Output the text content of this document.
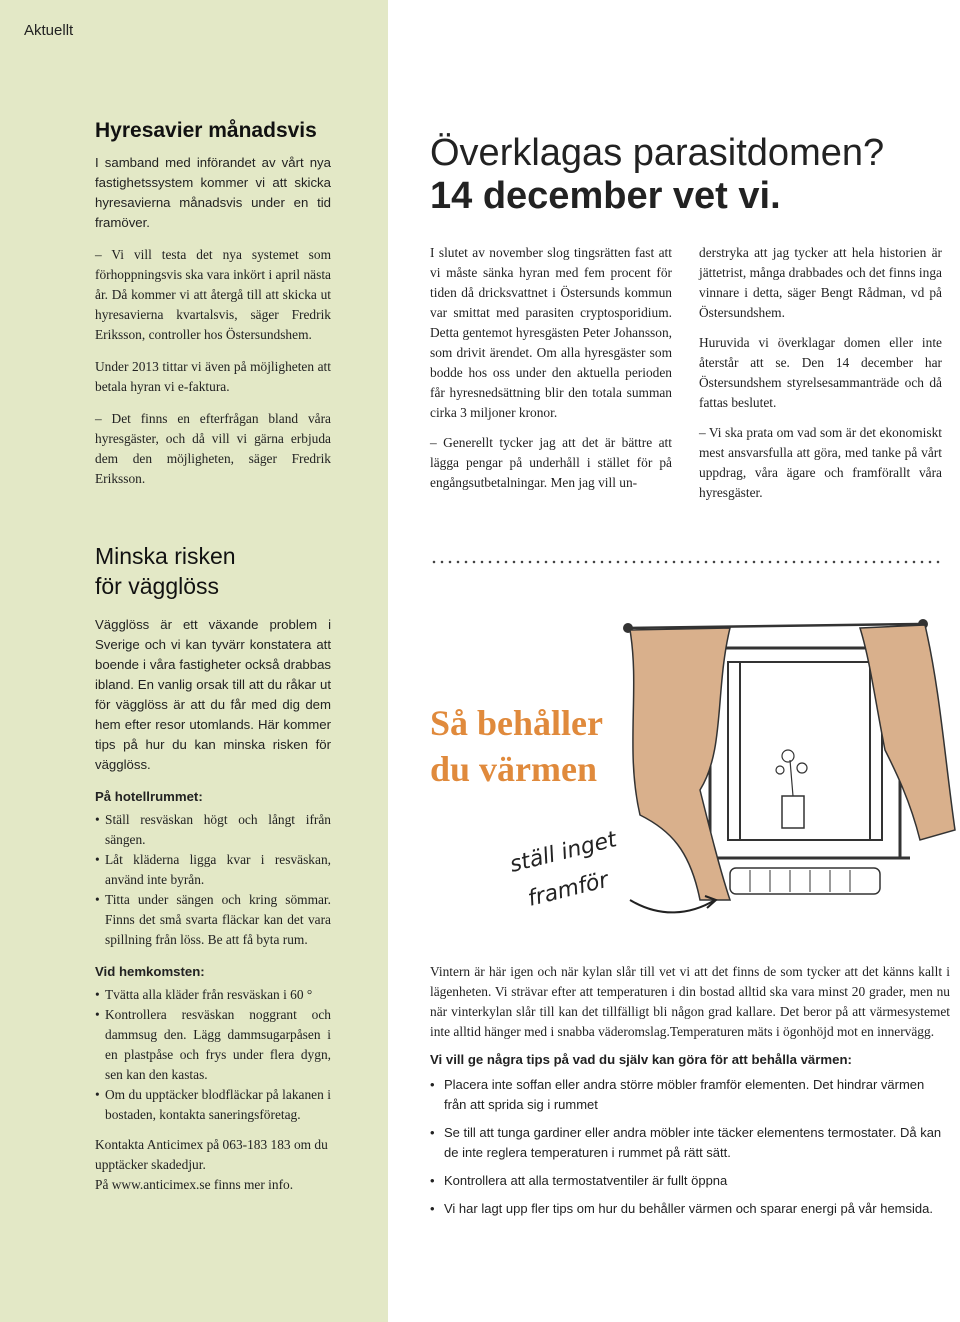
Aktuellt
Hyresavier månadsvis

I samband med införandet av vårt nya fastighetssystem kommer vi att skicka hyresavierna månadsvis under en tid framöver.

– Vi vill testa det nya systemet som förhoppningsvis ska vara inkört i april nästa år. Då kommer vi att återgå till att skicka ut hyresavierna kvartalsvis, säger Fredrik Eriksson, controller hos Östersundshem.

Under 2013 tittar vi även på möjligheten att betala hyran vi e-faktura.

– Det finns en efterfrågan bland våra hyresgäster, och då vill vi gärna erbjuda dem den möjligheten, säger Fredrik Eriksson.

Minska risken
för vägglöss

Vägglöss är ett växande problem i Sverige och vi kan tyvärr konstatera att boende i våra fastigheter också drabbas ibland. En vanlig orsak till att du råkar ut för vägglöss är att du får med dig dem hem efter resor utomlands. Här kommer tips på hur du kan minska risken för vägglöss.

På hotellrummet:

• Ställ resväskan högt och långt ifrån sängen.
• Låt kläderna ligga kvar i resväskan, använd inte byrån.
• Titta under sängen och kring sömmar. Finns det små svarta fläckar kan det vara spillning från löss. Be att få byta rum.

Vid hemkomsten:

• Tvätta alla kläder från resväskan i 60 °
• Kontrollera resväskan noggrant och dammsug den. Lägg dammsugarpåsen i en plastpåse och frys under flera dygn, sen kan den kastas.
• Om du upptäcker blodfläckar på lakanen i bostaden, kontakta saneringsföretag.

Kontakta Anticimex på 063-183 183 om du upptäcker skadedjur.

På www.anticimex.se finns mer info.

Överklagas parasitdomen?
14 december vet vi.

I slutet av november slog tingsrätten fast att vi måste sänka hyran med fem procent för tiden då dricksvattnet i Östersunds kommun var smittat med parasiten cryptosporidium. Detta gentemot hyresgästen Peter Johansson, som drivit ärendet. Om alla hyresgäster som bodde hos oss under den aktuella perioden får hyresnedsättning blir den totala summan cirka 3 miljoner kronor.

– Generellt tycker jag att det är bättre att lägga pengar på underhåll i stället för på engångsutbetalningar. Men jag vill un-

derstryka att jag tycker att hela historien är jättetrist, många drabbades och det finns inga vinnare i detta, säger Bengt Rådman, vd på Östersundshem.

Huruvida vi överklagar domen eller inte återstår att se. Den 14 december har Östersundshem styrelsesammanträde och då fattas beslutet.

– Vi ska prata om vad som är det ekonomiskt mest ansvarsfulla att göra, med tanke på vårt uppdrag, våra ägare och framförallt våra hyresgäster.

Så behåller
du värmen
ställ inget
framför

Vintern är här igen och när kylan slår till vet vi att det finns de som tycker att det känns kallt i lägenheten. Vi strävar efter att temperaturen i din bostad alltid ska vara minst 20 grader, men nu när vinterkylan slår till kan det tillfälligt bli någon grad kallare. Det beror på att värmesystemet inte alltid hänger med i snabba väderomslag.Temperaturen mäts i ögonhöjd mot en innervägg.

Vi vill ge några tips på vad du själv kan göra för att behålla värmen:

• Placera inte soffan eller andra större möbler framför elementen. Det hindrar värmen från att sprida sig i rummet
• Se till att tunga gardiner eller andra möbler inte täcker elementens termostater. Då kan de inte reglera temperaturen i rummet på rätt sätt.
• Kontrollera att alla termostatventiler är fullt öppna
• Vi har lagt upp fler tips om hur du behåller värmen och sparar energi på vår hemsida.
